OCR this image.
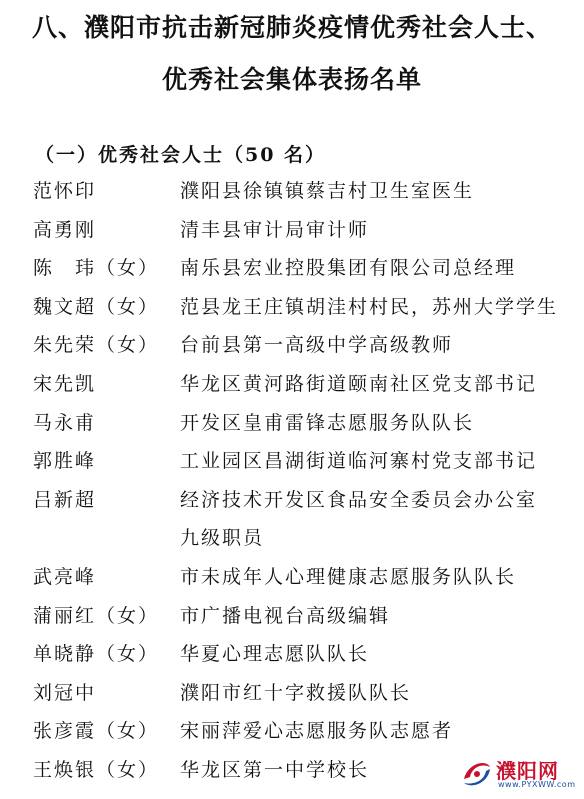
八、濮阳市抗击新冠肺炎疫情优秀社会人士、
优秀社会集体表扬名单
（一）优秀社会人士（50 名）
范怀印	濮阳县徐镇镇蔡吉村卫生室医生
高勇刚	清丰县审计局审计师
陈　玮（女） 南乐县宏业控股集团有限公司总经理
魏文超（女） 范县龙王庄镇胡洼村村民，苏州大学学生
朱先荣（女） 台前县第一高级中学高级教师
宋先凯	华龙区黄河路街道颐南社区党支部书记
马永甫	开发区皇甫雷锋志愿服务队队长
郭胜峰	工业园区昌湖街道临河寨村党支部书记
吕新超	经济技术开发区食品安全委员会办公室
九级职员
武亮峰	市未成年人心理健康志愿服务队队长
蒲丽红（女） 市广播电视台高级编辑
单晓静（女） 华夏心理志愿队队长
刘冠中	濮阳市红十字救援队队长
张彦霞（女） 宋丽萍爱心志愿服务队志愿者
王焕银（女） 华龙区第一中学校长	濮阳网
www.PYXWW.com
